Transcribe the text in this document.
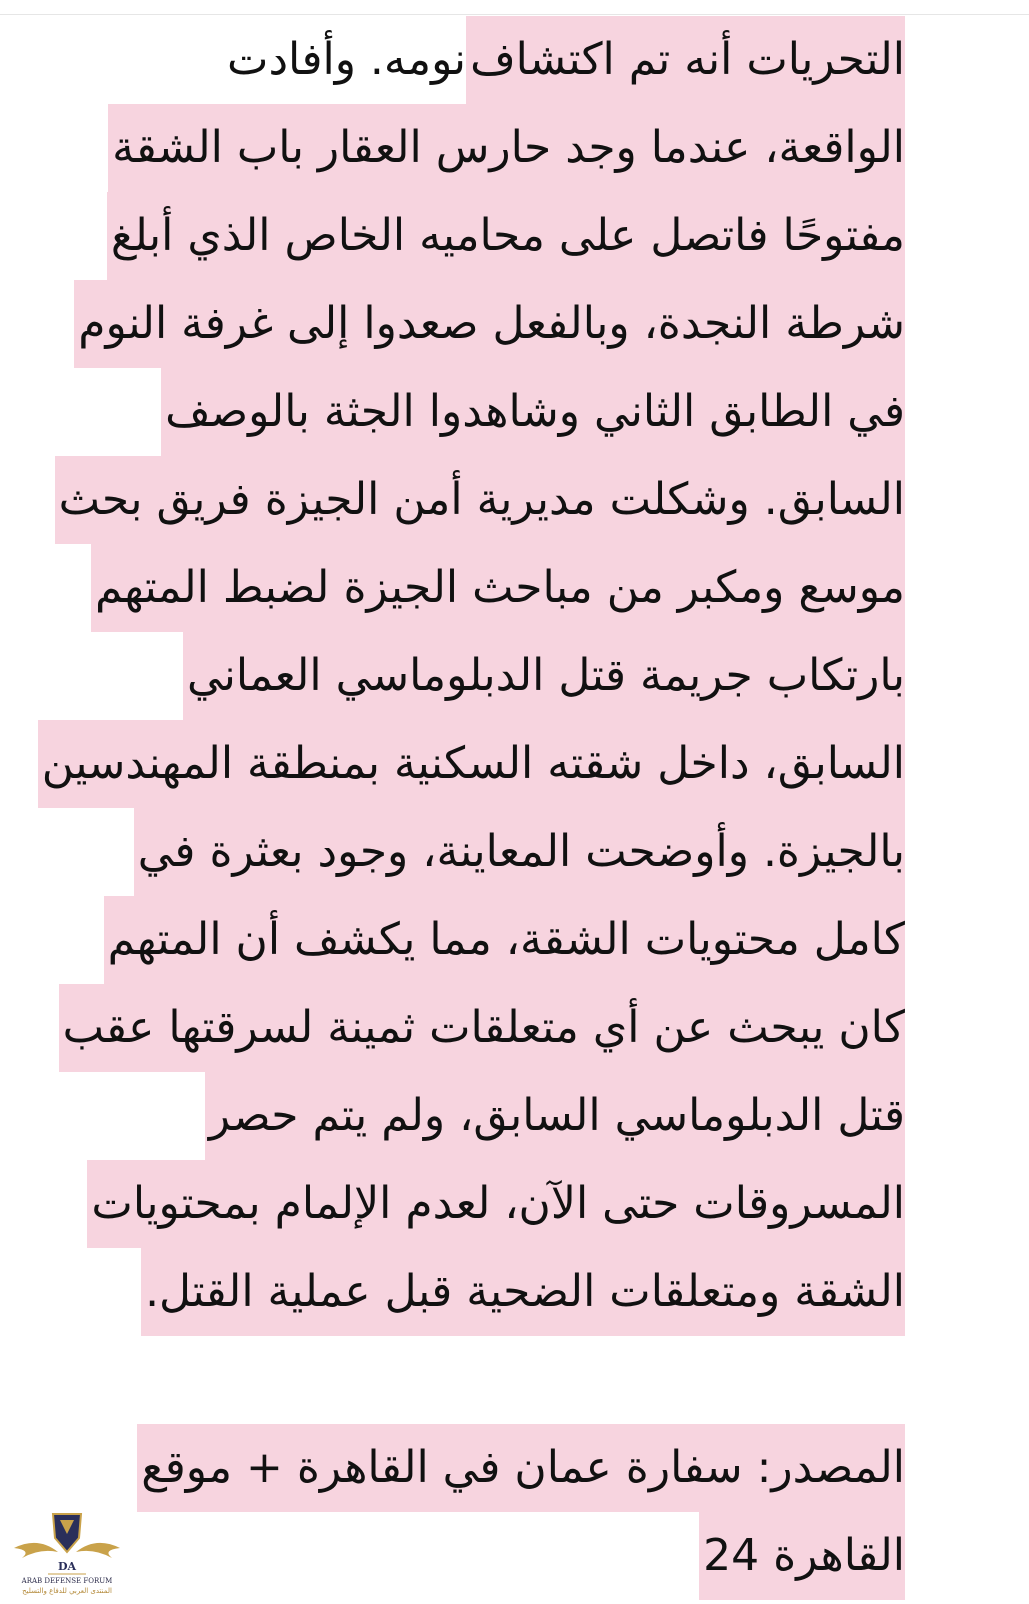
التحريات أنه تم اكتشافنومه. وأفادت
الواقعة، عندما وجد حارس العقار باب الشقة
مفتوحًا فاتصل على محاميه الخاص الذي أبلغ
شرطة النجدة، وبالفعل صعدوا إلى غرفة النوم
في الطابق الثاني وشاهدوا الجثة بالوصف
السابق. وشكلت مديرية أمن الجيزة فريق بحث
موسع ومكبر من مباحث الجيزة لضبط المتهم
بارتكاب جريمة قتل الدبلوماسي العماني
السابق، داخل شقته السكنية بمنطقة المهندسين
بالجيزة. وأوضحت المعاينة، وجود بعثرة في
كامل محتويات الشقة، مما يكشف أن المتهم
كان يبحث عن أي متعلقات ثمينة لسرقتها عقب
قتل الدبلوماسي السابق، ولم يتم حصر
المسروقات حتى الآن، لعدم الإلمام بمحتويات
الشقة ومتعلقات الضحية قبل عملية القتل.
المصدر: سفارة عمان في القاهرة + موقع
القاهرة 24
DA
ARAB DEFENSE FORUM
المنتدى العربي للدفاع والتسليح
